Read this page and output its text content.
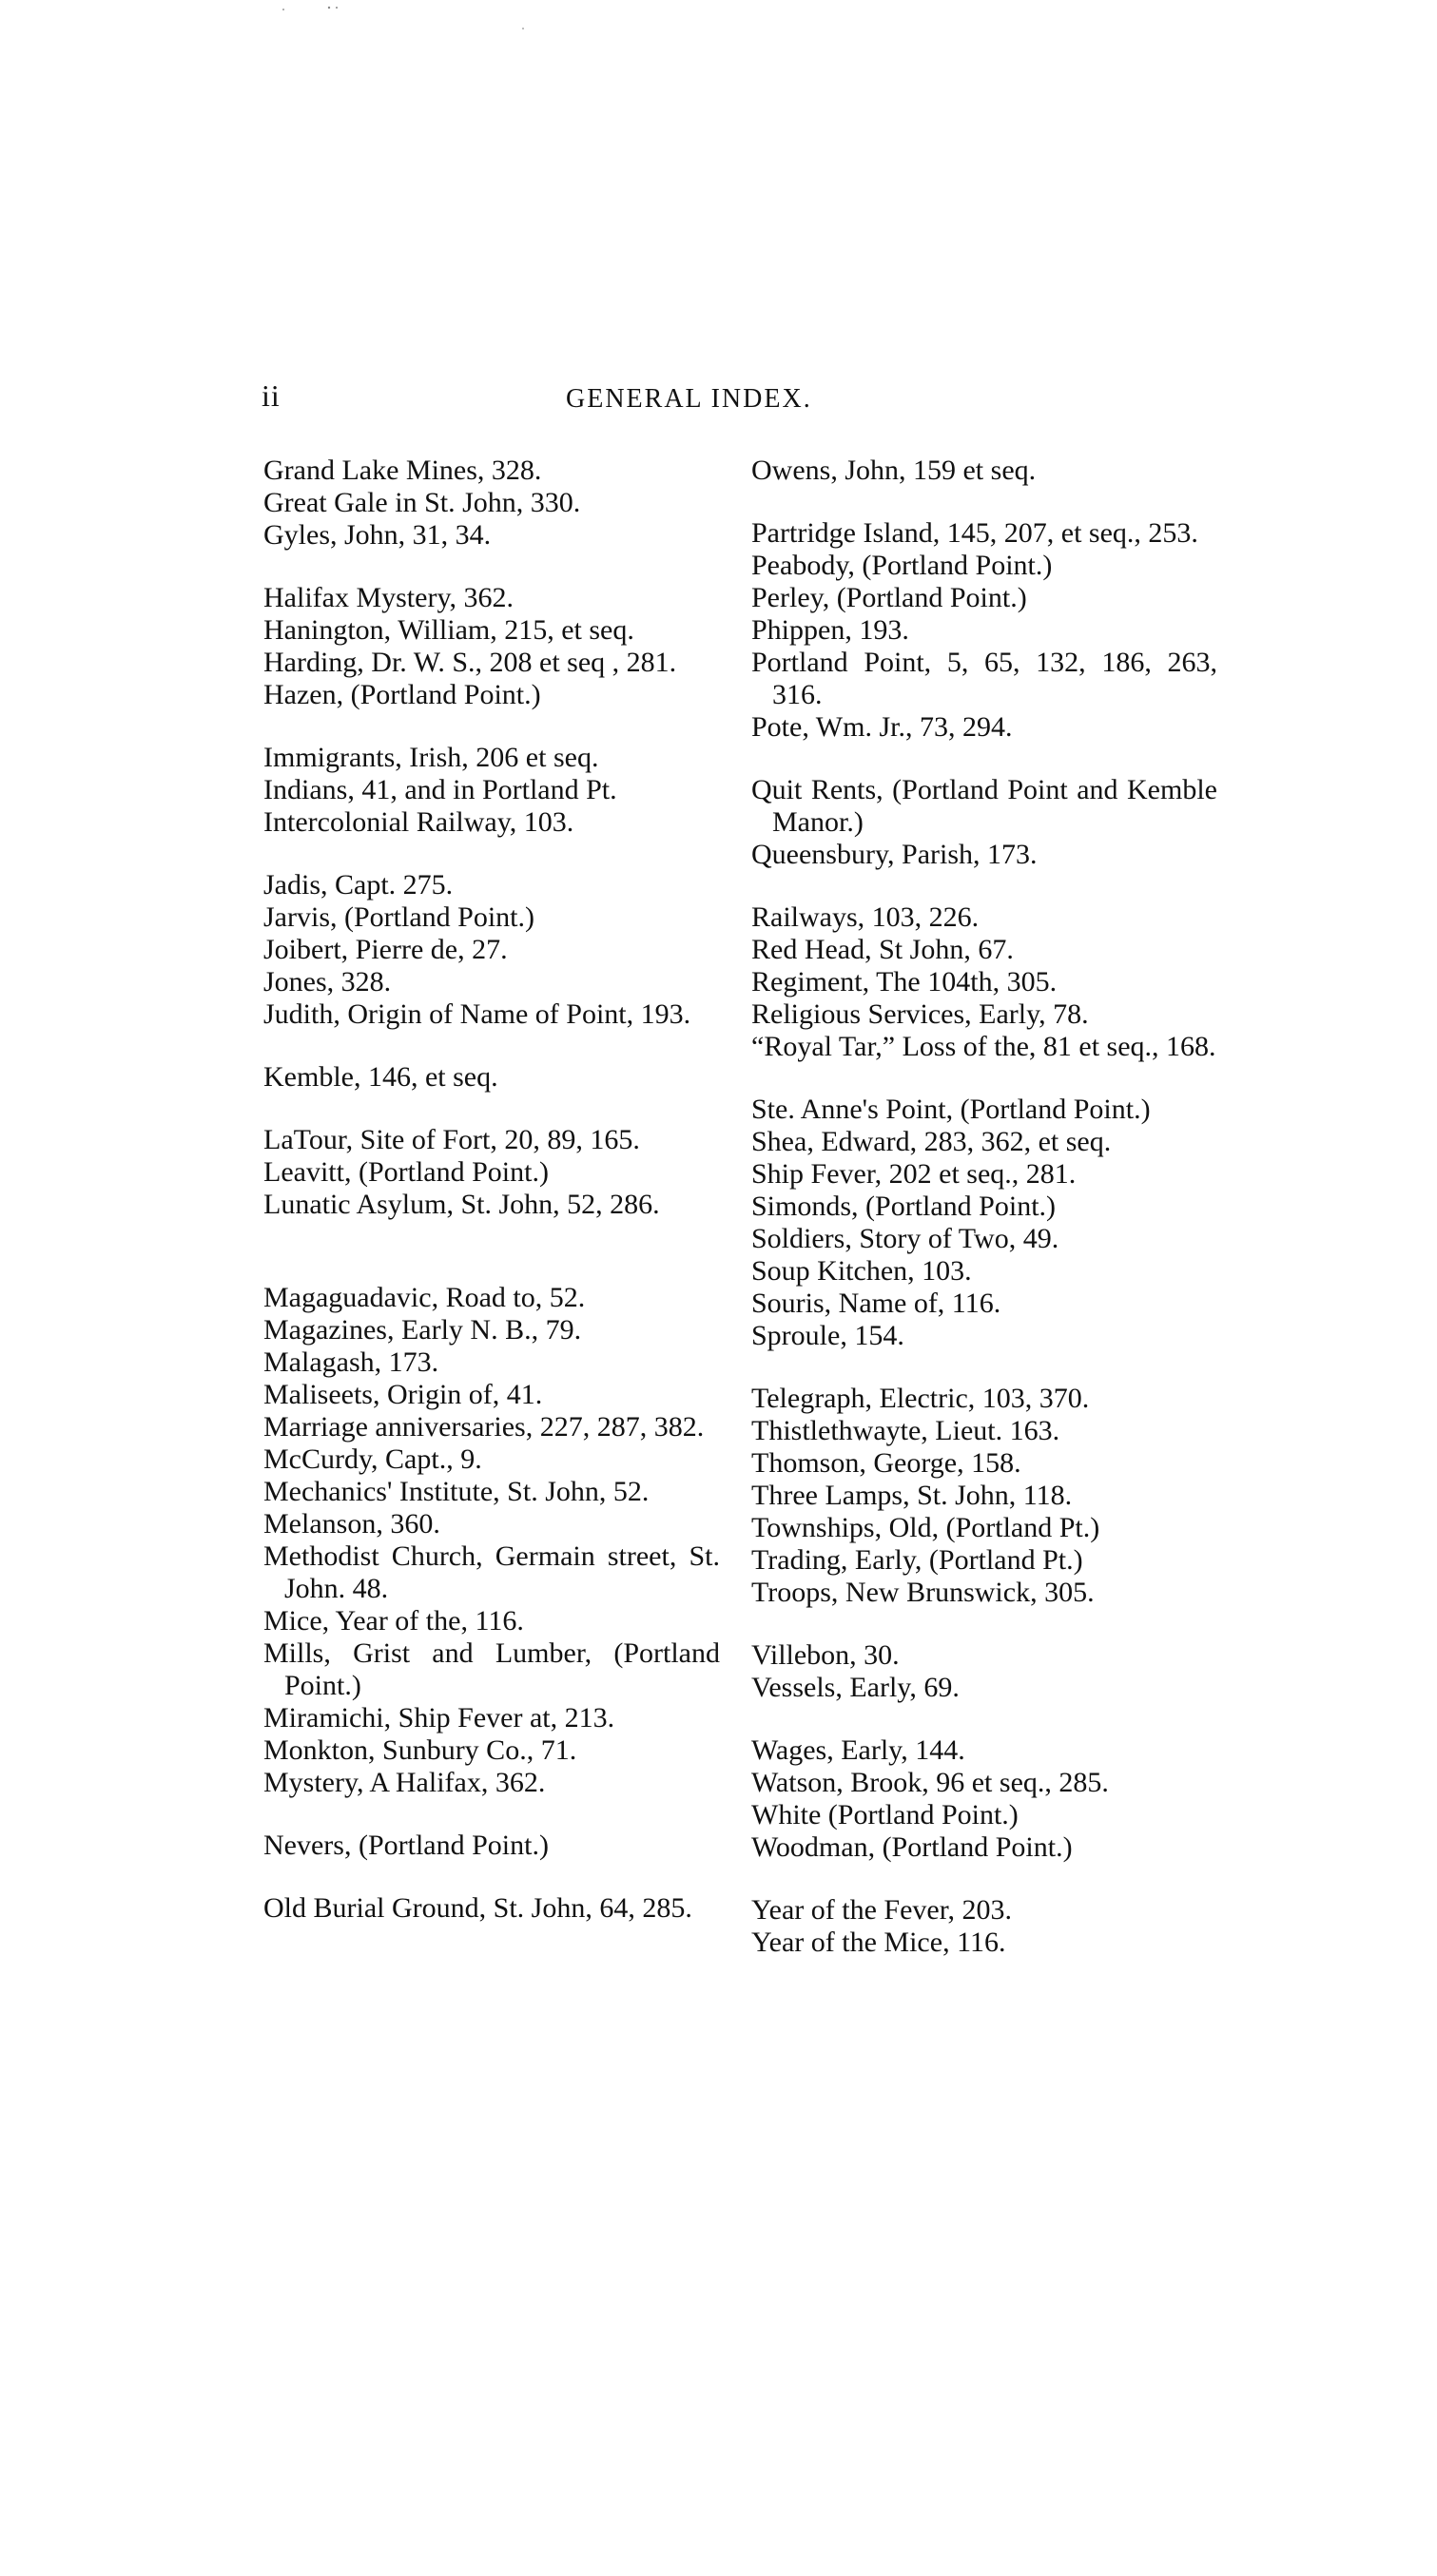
ii	GENERAL INDEX.
Grand Lake Mines, 328.
Great Gale in St. John, 330.
Gyles, John, 31, 34.
Halifax Mystery, 362.
Hanington, William, 215, et seq.
Harding, Dr. W. S., 208 et seq , 281.
Hazen, (Portland Point.)
Immigrants, Irish, 206 et seq.
Indians, 41, and in Portland Pt.
Intercolonial Railway, 103.
Jadis, Capt. 275.
Jarvis, (Portland Point.)
Joibert, Pierre de, 27.
Jones, 328.
Judith, Origin of Name of Point, 193.
Kemble, 146, et seq.
LaTour, Site of Fort, 20, 89, 165.
Leavitt, (Portland Point.)
Lunatic Asylum, St. John, 52, 286.
Magaguadavic, Road to, 52.
Magazines, Early N. B., 79.
Malagash, 173.
Maliseets, Origin of, 41.
Marriage anniversaries, 227, 287, 382.
McCurdy, Capt., 9.
Mechanics' Institute, St. John, 52.
Melanson, 360.
Methodist Church, Germain street, St. John. 48.
Mice, Year of the, 116.
Mills, Grist and Lumber, (Portland Point.)
Miramichi, Ship Fever at, 213.
Monkton, Sunbury Co., 71.
Mystery, A Halifax, 362.
Nevers, (Portland Point.)
Old Burial Ground, St. John, 64, 285.
Owens, John, 159 et seq.
Partridge Island, 145, 207, et seq., 253.
Peabody, (Portland Point.)
Perley, (Portland Point.)
Phippen, 193.
Portland Point, 5, 65, 132, 186, 263, 316.
Pote, Wm. Jr., 73, 294.
Quit Rents, (Portland Point and Kemble Manor.)
Queensbury, Parish, 173.
Railways, 103, 226.
Red Head, St John, 67.
Regiment, The 104th, 305.
Religious Services, Early, 78.
“Royal Tar,” Loss of the, 81 et seq., 168.
Ste. Anne's Point, (Portland Point.)
Shea, Edward, 283, 362, et seq.
Ship Fever, 202 et seq., 281.
Simonds, (Portland Point.)
Soldiers, Story of Two, 49.
Soup Kitchen, 103.
Souris, Name of, 116.
Sproule, 154.
Telegraph, Electric, 103, 370.
Thistlethwayte, Lieut. 163.
Thomson, George, 158.
Three Lamps, St. John, 118.
Townships, Old, (Portland Pt.)
Trading, Early, (Portland Pt.)
Troops, New Brunswick, 305.
Villebon, 30.
Vessels, Early, 69.
Wages, Early, 144.
Watson, Brook, 96 et seq., 285.
White (Portland Point.)
Woodman, (Portland Point.)
Year of the Fever, 203.
Year of the Mice, 116.
